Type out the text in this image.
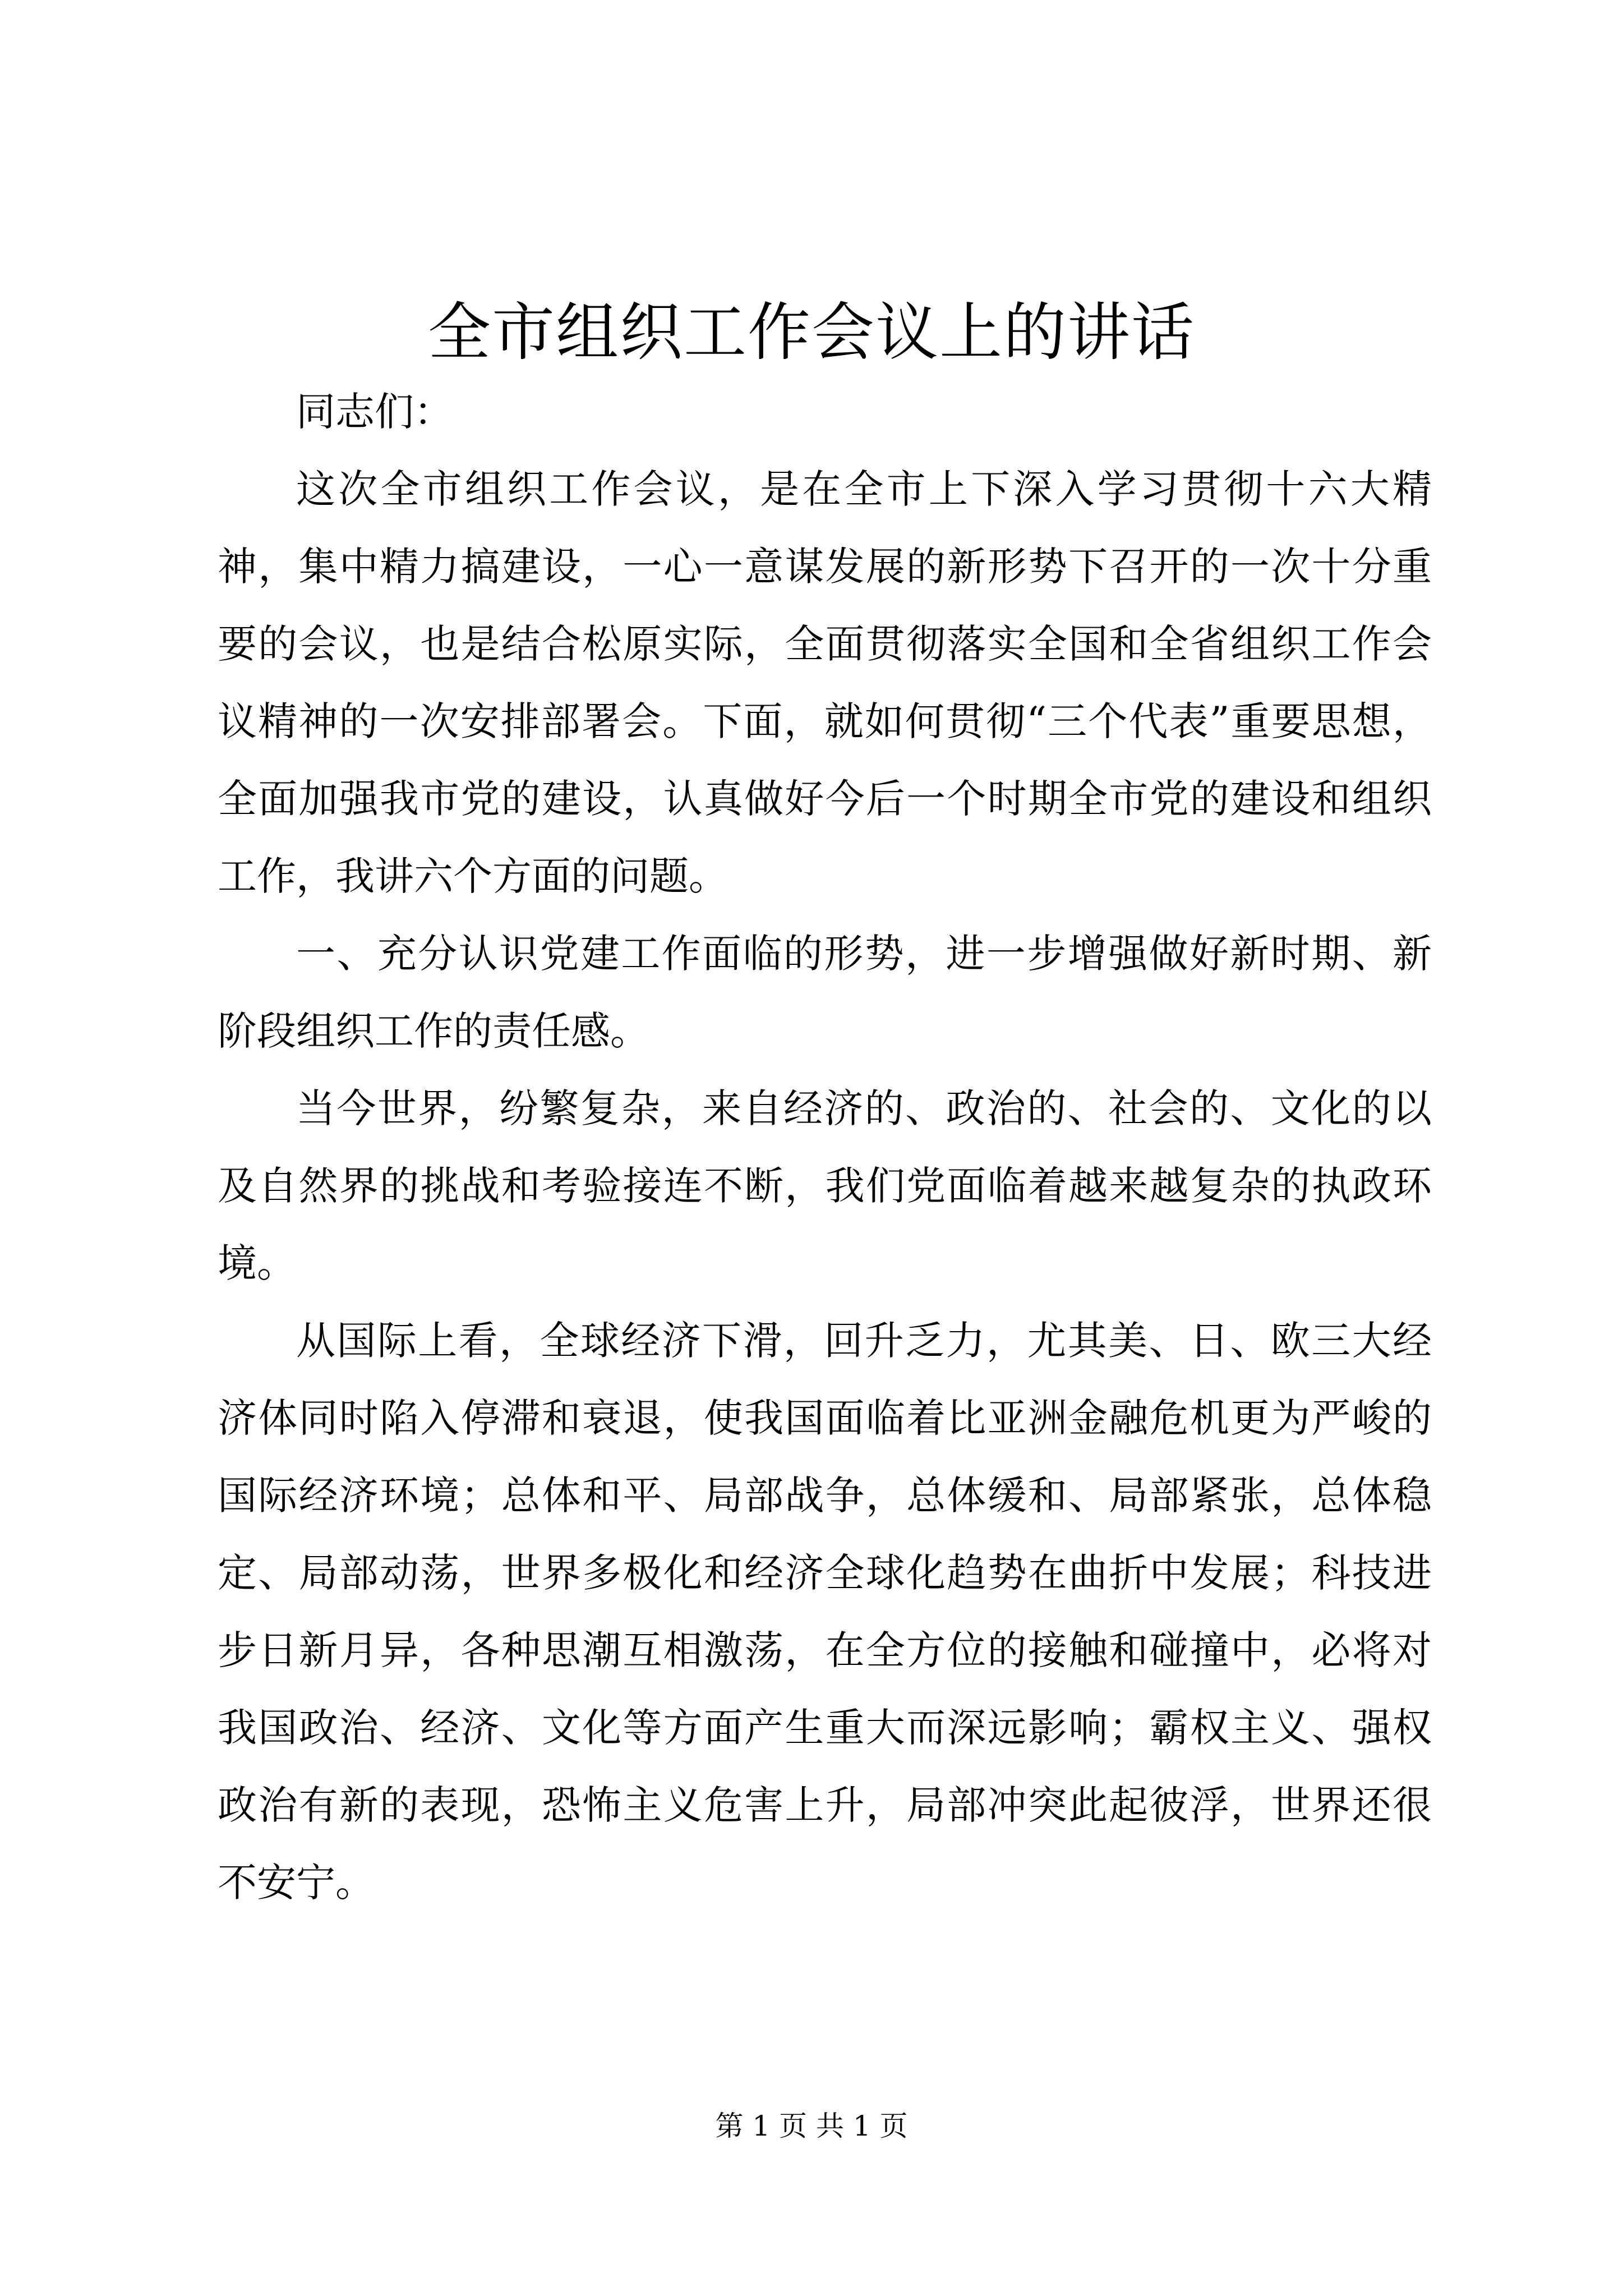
全市组织工作会议上的讲话

同志们：

这次全市组织工作会议，是在全市上下深入学习贯彻十六大精神，集中精力搞建设，一心一意谋发展的新形势下召开的一次十分重要的会议，也是结合松原实际，全面贯彻落实全国和全省组织工作会议精神的一次安排部署会。下面，就如何贯彻“三个代表”重要思想，全面加强我市党的建设，认真做好今后一个时期全市党的建设和组织工作，我讲六个方面的问题。

一、充分认识党建工作面临的形势，进一步增强做好新时期、新阶段组织工作的责任感。

当今世界，纷繁复杂，来自经济的、政治的、社会的、文化的以及自然界的挑战和考验接连不断，我们党面临着越来越复杂的执政环境。

从国际上看，全球经济下滑，回升乏力，尤其美、日、欧三大经济体同时陷入停滞和衰退，使我国面临着比亚洲金融危机更为严峻的国际经济环境；总体和平、局部战争，总体缓和、局部紧张，总体稳定、局部动荡，世界多极化和经济全球化趋势在曲折中发展；科技进步日新月异，各种思潮互相激荡，在全方位的接触和碰撞中，必将对我国政治、经济、文化等方面产生重大而深远影响；霸权主义、强权政治有新的表现，恐怖主义危害上升，局部冲突此起彼浮，世界还很不安宁。

第 1 页 共 1 页
